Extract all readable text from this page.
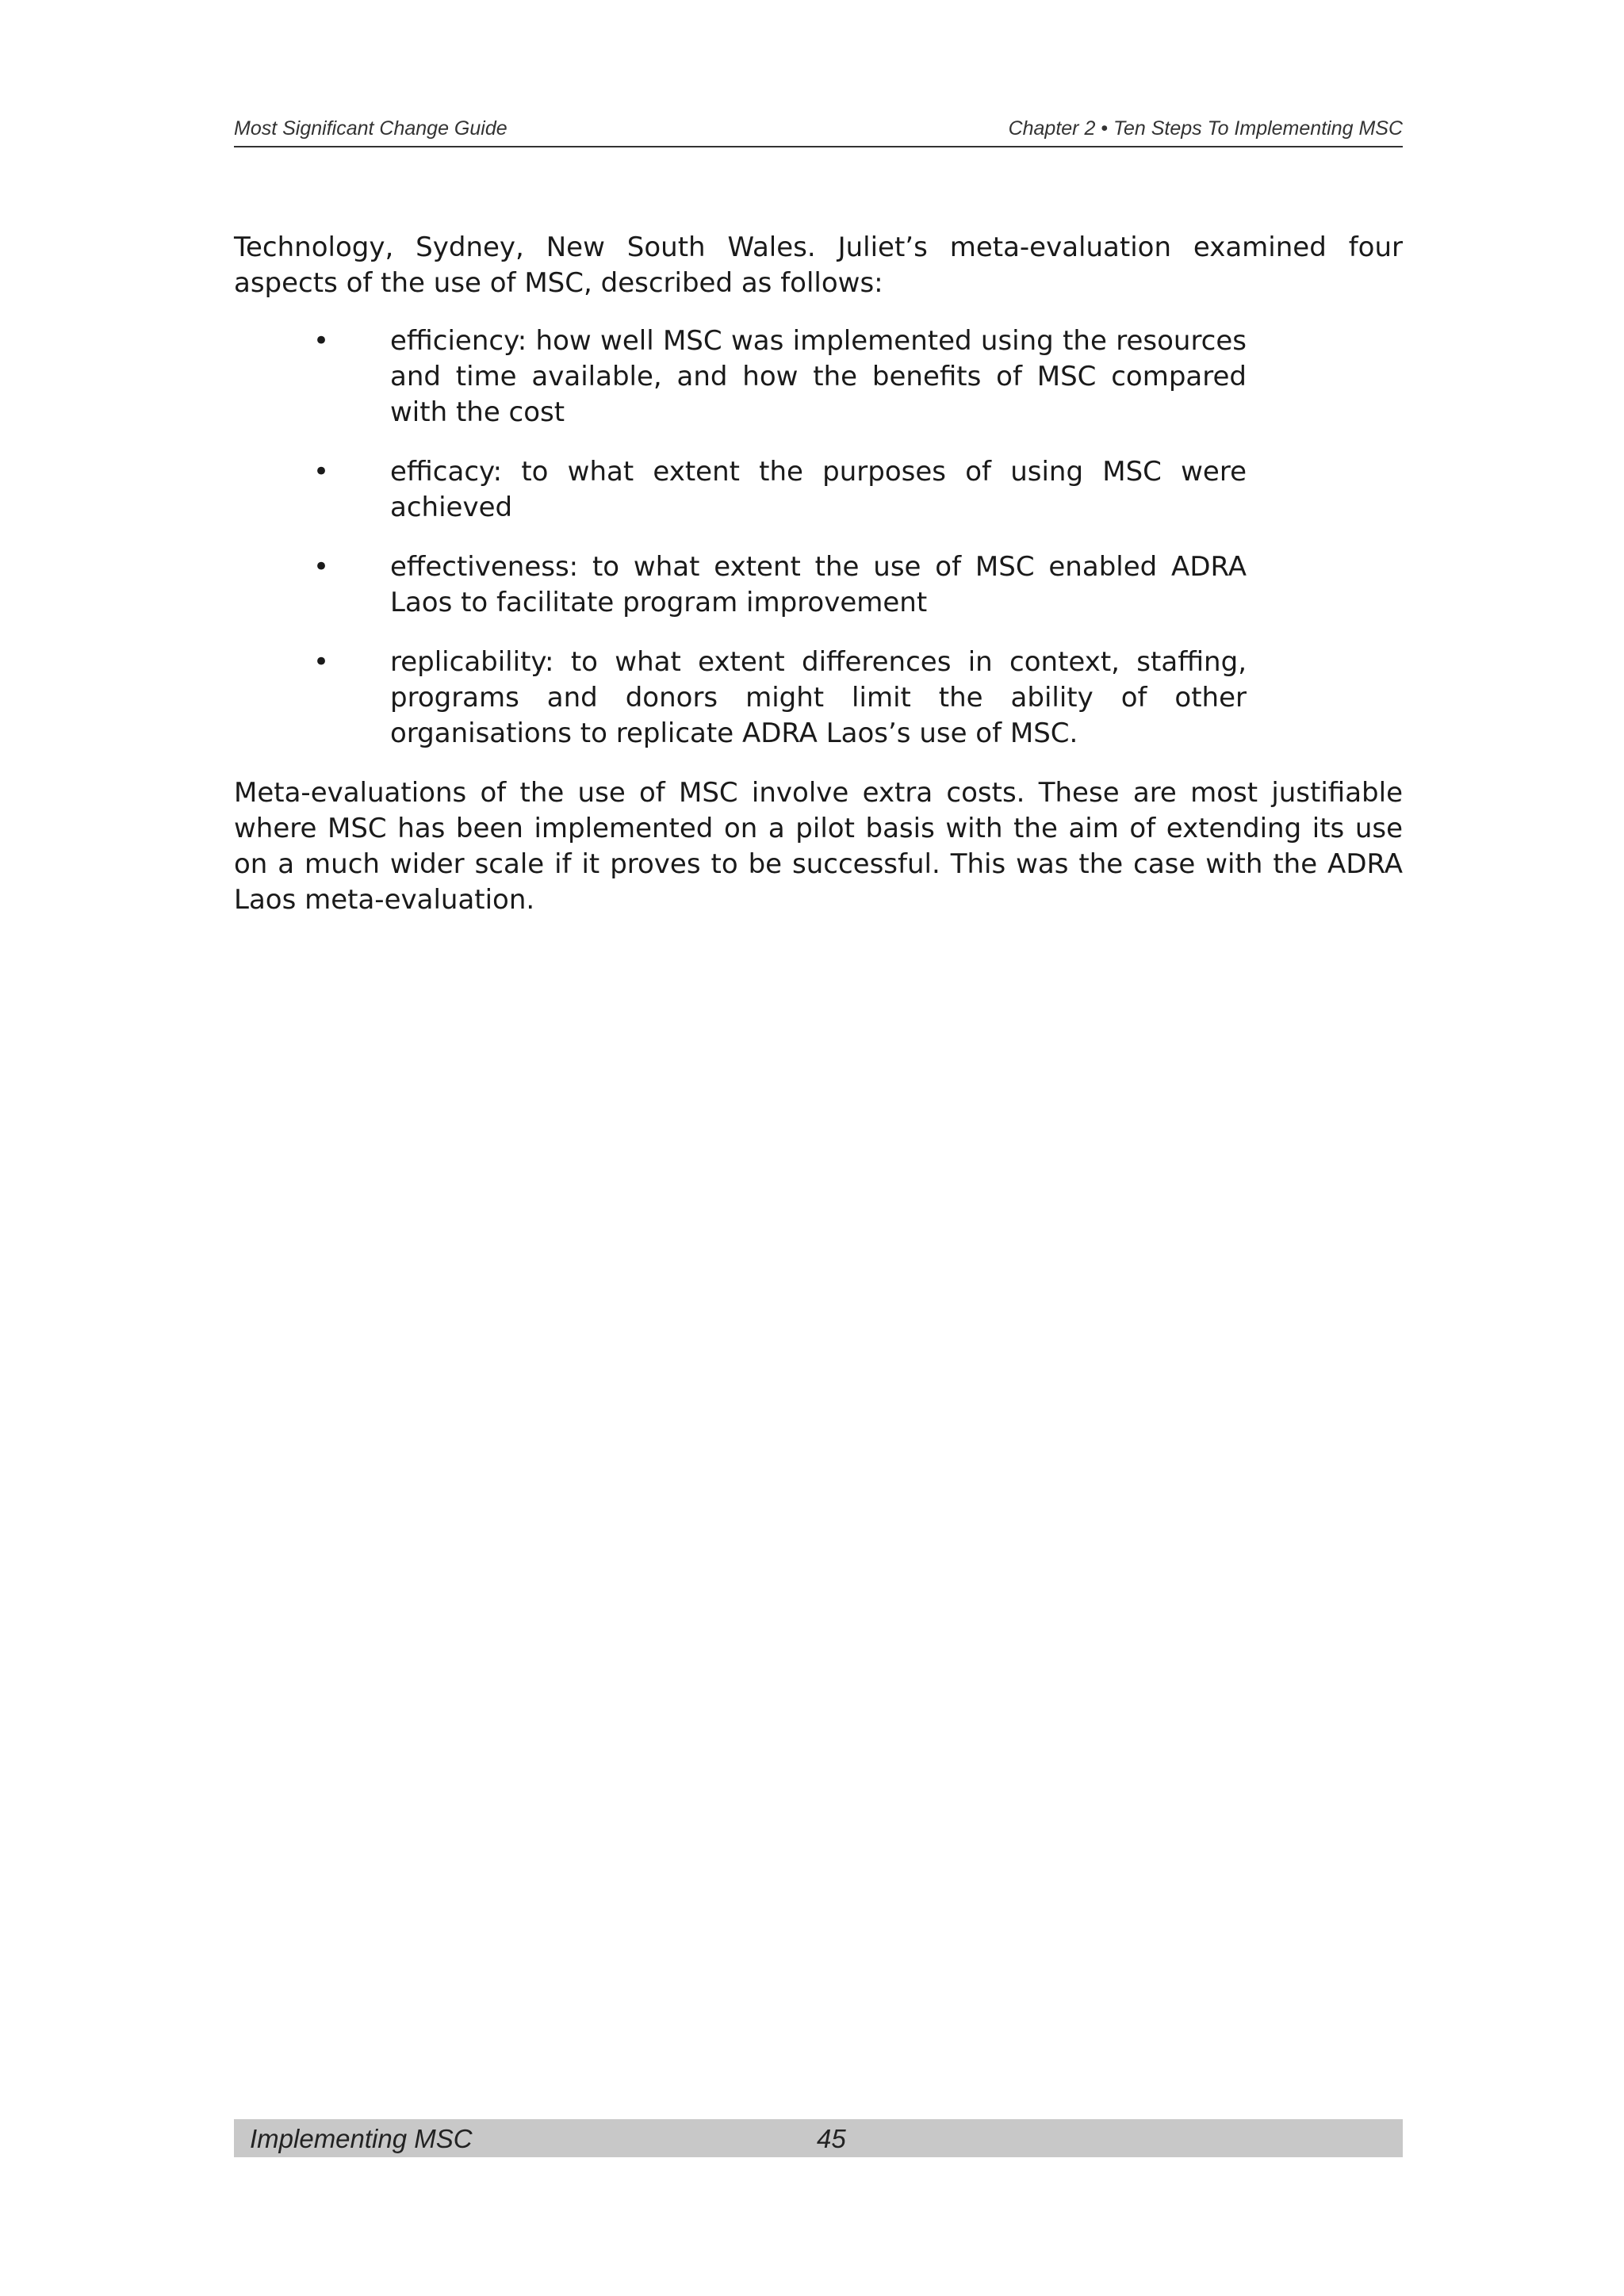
Most Significant Change Guide	Chapter 2 • Ten Steps To Implementing MSC

Technology, Sydney, New South Wales. Juliet’s meta-evaluation examined four aspects of the use of MSC, described as follows:

• efficiency: how well MSC was implemented using the resources and time available, and how the benefits of MSC compared with the cost
• efficacy: to what extent the purposes of using MSC were achieved
• effectiveness: to what extent the use of MSC enabled ADRA Laos to facilitate program improvement
• replicability: to what extent differences in context, staffing, programs and donors might limit the ability of other organisations to replicate ADRA Laos’s use of MSC.

Meta-evaluations of the use of MSC involve extra costs. These are most justifiable where MSC has been implemented on a pilot basis with the aim of extending its use on a much wider scale if it proves to be successful. This was the case with the ADRA Laos meta-evaluation.

Implementing MSC	45
